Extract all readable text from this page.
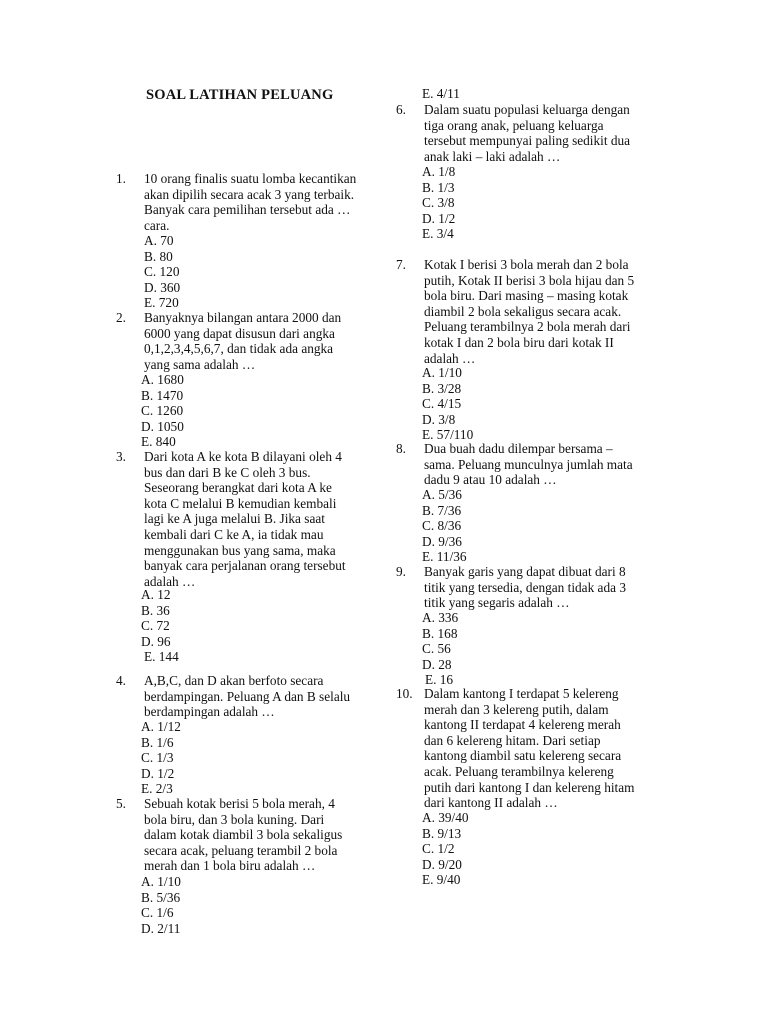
SOAL LATIHAN PELUANG
1. 10 orang finalis suatu lomba kecantikan
akan dipilih secara acak 3 yang terbaik.
Banyak cara pemilihan tersebut ada …
cara.
A. 70
B. 80
C. 120
D. 360
E. 720
2. Banyaknya bilangan antara 2000 dan
6000 yang dapat disusun dari angka
0,1,2,3,4,5,6,7, dan tidak ada angka
yang sama adalah …
A. 1680
B. 1470
C. 1260
D. 1050
E. 840
3. Dari kota A ke kota B dilayani oleh 4
bus dan dari B ke C oleh 3 bus.
Seseorang berangkat dari kota A ke
kota C melalui B kemudian kembali
lagi ke A juga melalui B. Jika saat
kembali dari C ke A, ia tidak mau
menggunakan bus yang sama, maka
banyak cara perjalanan orang tersebut
adalah …
A. 12
B. 36
C. 72
D. 96
E. 144
4. A,B,C, dan D akan berfoto secara
berdampingan. Peluang A dan B selalu
berdampingan adalah …
A. 1/12
B. 1/6
C. 1/3
D. 1/2
E. 2/3
5. Sebuah kotak berisi 5 bola merah, 4
bola biru, dan 3 bola kuning. Dari
dalam kotak diambil 3 bola sekaligus
secara acak, peluang terambil 2 bola
merah dan 1 bola biru adalah …
A. 1/10
B. 5/36
C. 1/6
D. 2/11
E. 4/11
6. Dalam suatu populasi keluarga dengan
tiga orang anak, peluang keluarga
tersebut mempunyai paling sedikit dua
anak laki – laki adalah …
A. 1/8
B. 1/3
C. 3/8
D. 1/2
E. 3/4
7. Kotak I berisi 3 bola merah dan 2 bola
putih, Kotak II berisi 3 bola hijau dan 5
bola biru. Dari masing – masing kotak
diambil 2 bola sekaligus secara acak.
Peluang terambilnya 2 bola merah dari
kotak I dan 2 bola biru dari kotak II
adalah …
A. 1/10
B. 3/28
C. 4/15
D. 3/8
E. 57/110
8. Dua buah dadu dilempar bersama –
sama. Peluang munculnya jumlah mata
dadu 9 atau 10 adalah …
A. 5/36
B. 7/36
C. 8/36
D. 9/36
E. 11/36
9. Banyak garis yang dapat dibuat dari 8
titik yang tersedia, dengan tidak ada 3
titik yang segaris adalah …
A. 336
B. 168
C. 56
D. 28
E. 16
10. Dalam kantong I terdapat 5 kelereng
merah dan 3 kelereng putih, dalam
kantong II terdapat 4 kelereng merah
dan 6 kelereng hitam. Dari setiap
kantong diambil satu kelereng secara
acak. Peluang terambilnya kelereng
putih dari kantong I dan kelereng hitam
dari kantong II adalah …
A. 39/40
B. 9/13
C. 1/2
D. 9/20
E. 9/40
